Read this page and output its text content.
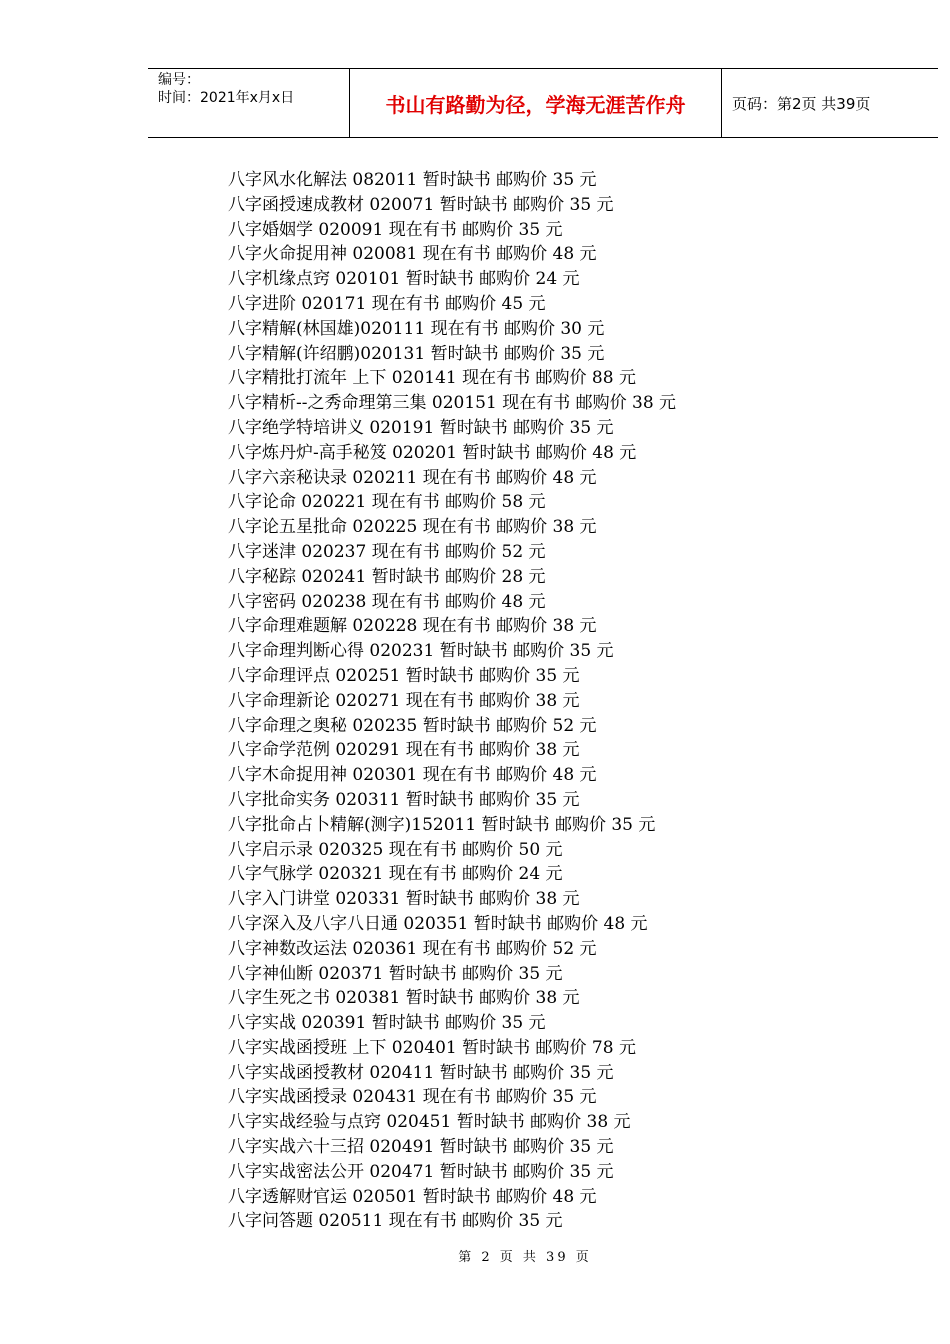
编号：
时间：2021年x月x日	书山有路勤为径，学海无涯苦作舟	页码：第2页 共39页
八字风水化解法 082011 暂时缺书 邮购价 35 元
八字函授速成教材 020071 暂时缺书 邮购价 35 元
八字婚姻学 020091 现在有书 邮购价 35 元
八字火命捉用神 020081 现在有书 邮购价 48 元
八字机缘点窍 020101 暂时缺书 邮购价 24 元
八字进阶 020171 现在有书 邮购价 45 元
八字精解(林国雄)020111 现在有书 邮购价 30 元
八字精解(许绍鹏)020131 暂时缺书 邮购价 35 元
八字精批打流年 上下 020141 现在有书 邮购价 88 元
八字精析--之秀命理第三集 020151 现在有书 邮购价 38 元
八字绝学特培讲义 020191 暂时缺书 邮购价 35 元
八字炼丹炉-高手秘笈 020201 暂时缺书 邮购价 48 元
八字六亲秘诀录 020211 现在有书 邮购价 48 元
八字论命 020221 现在有书 邮购价 58 元
八字论五星批命 020225 现在有书 邮购价 38 元
八字迷津 020237 现在有书 邮购价 52 元
八字秘踪 020241 暂时缺书 邮购价 28 元
八字密码 020238 现在有书 邮购价 48 元
八字命理难题解 020228 现在有书 邮购价 38 元
八字命理判断心得 020231 暂时缺书 邮购价 35 元
八字命理评点 020251 暂时缺书 邮购价 35 元
八字命理新论 020271 现在有书 邮购价 38 元
八字命理之奥秘 020235 暂时缺书 邮购价 52 元
八字命学范例 020291 现在有书 邮购价 38 元
八字木命捉用神 020301 现在有书 邮购价 48 元
八字批命实务 020311 暂时缺书 邮购价 35 元
八字批命占卜精解(测字)152011 暂时缺书 邮购价 35 元
八字启示录 020325 现在有书 邮购价 50 元
八字气脉学 020321 现在有书 邮购价 24 元
八字入门讲堂 020331 暂时缺书 邮购价 38 元
八字深入及八字八日通 020351 暂时缺书 邮购价 48 元
八字神数改运法 020361 现在有书 邮购价 52 元
八字神仙断 020371 暂时缺书 邮购价 35 元
八字生死之书 020381 暂时缺书 邮购价 38 元
八字实战 020391 暂时缺书 邮购价 35 元
八字实战函授班 上下 020401 暂时缺书 邮购价 78 元
八字实战函授教材 020411 暂时缺书 邮购价 35 元
八字实战函授录 020431 现在有书 邮购价 35 元
八字实战经验与点窍 020451 暂时缺书 邮购价 38 元
八字实战六十三招 020491 暂时缺书 邮购价 35 元
八字实战密法公开 020471 暂时缺书 邮购价 35 元
八字透解财官运 020501 暂时缺书 邮购价 48 元
八字问答题 020511 现在有书 邮购价 35 元
第 2 页 共 39 页
